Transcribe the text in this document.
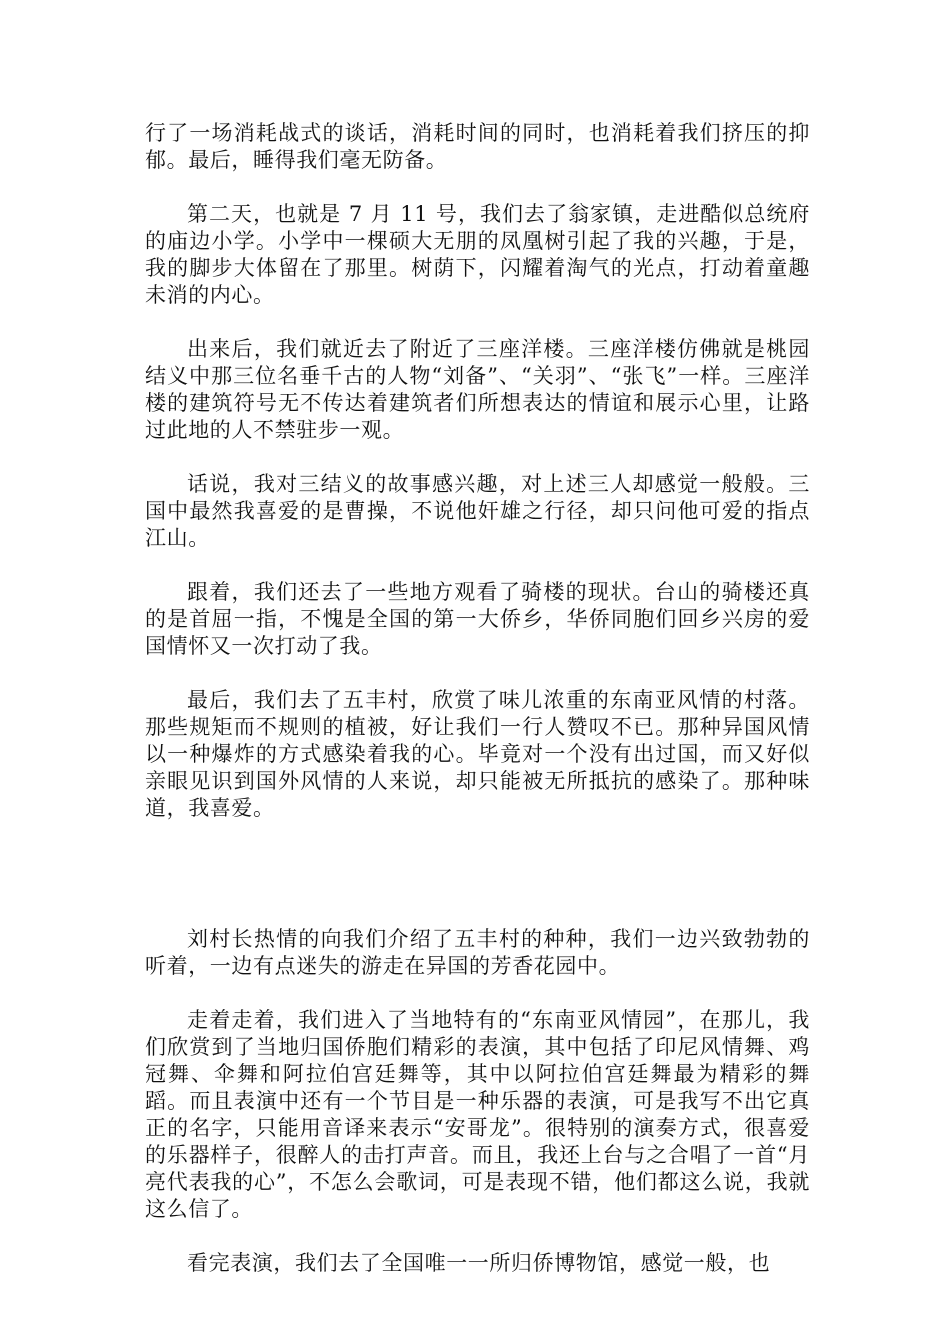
行了一场消耗战式的谈话，消耗时间的同时，也消耗着我们挤压的抑郁。最后，睡得我们毫无防备。

第二天，也就是 7 月 11 号，我们去了翁家镇，走进酷似总统府的庙边小学。小学中一棵硕大无朋的凤凰树引起了我的兴趣，于是，我的脚步大体留在了那里。树荫下，闪耀着淘气的光点，打动着童趣未消的内心。

出来后，我们就近去了附近了三座洋楼。三座洋楼仿佛就是桃园结义中那三位名垂千古的人物“刘备”、“关羽”、“张飞”一样。三座洋楼的建筑符号无不传达着建筑者们所想表达的情谊和展示心里，让路过此地的人不禁驻步一观。

话说，我对三结义的故事感兴趣，对上述三人却感觉一般般。三国中最然我喜爱的是曹操，不说他奸雄之行径，却只问他可爱的指点江山。

跟着，我们还去了一些地方观看了骑楼的现状。台山的骑楼还真的是首屈一指，不愧是全国的第一大侨乡，华侨同胞们回乡兴房的爱国情怀又一次打动了我。

最后，我们去了五丰村，欣赏了味儿浓重的东南亚风情的村落。那些规矩而不规则的植被，好让我们一行人赞叹不已。那种异国风情以一种爆炸的方式感染着我的心。毕竟对一个没有出过国，而又好似亲眼见识到国外风情的人来说，却只能被无所抵抗的感染了。那种味道，我喜爱。

刘村长热情的向我们介绍了五丰村的种种，我们一边兴致勃勃的听着，一边有点迷失的游走在异国的芳香花园中。

走着走着，我们进入了当地特有的“东南亚风情园”，在那儿，我们欣赏到了当地归国侨胞们精彩的表演，其中包括了印尼风情舞、鸡冠舞、伞舞和阿拉伯宫廷舞等，其中以阿拉伯宫廷舞最为精彩的舞蹈。而且表演中还有一个节目是一种乐器的表演，可是我写不出它真正的名字，只能用音译来表示“安哥龙”。很特别的演奏方式，很喜爱的乐器样子，很醉人的击打声音。而且，我还上台与之合唱了一首“月亮代表我的心”，不怎么会歌词，可是表现不错，他们都这么说，我就这么信了。

看完表演，我们去了全国唯一一所归侨博物馆，感觉一般，也
